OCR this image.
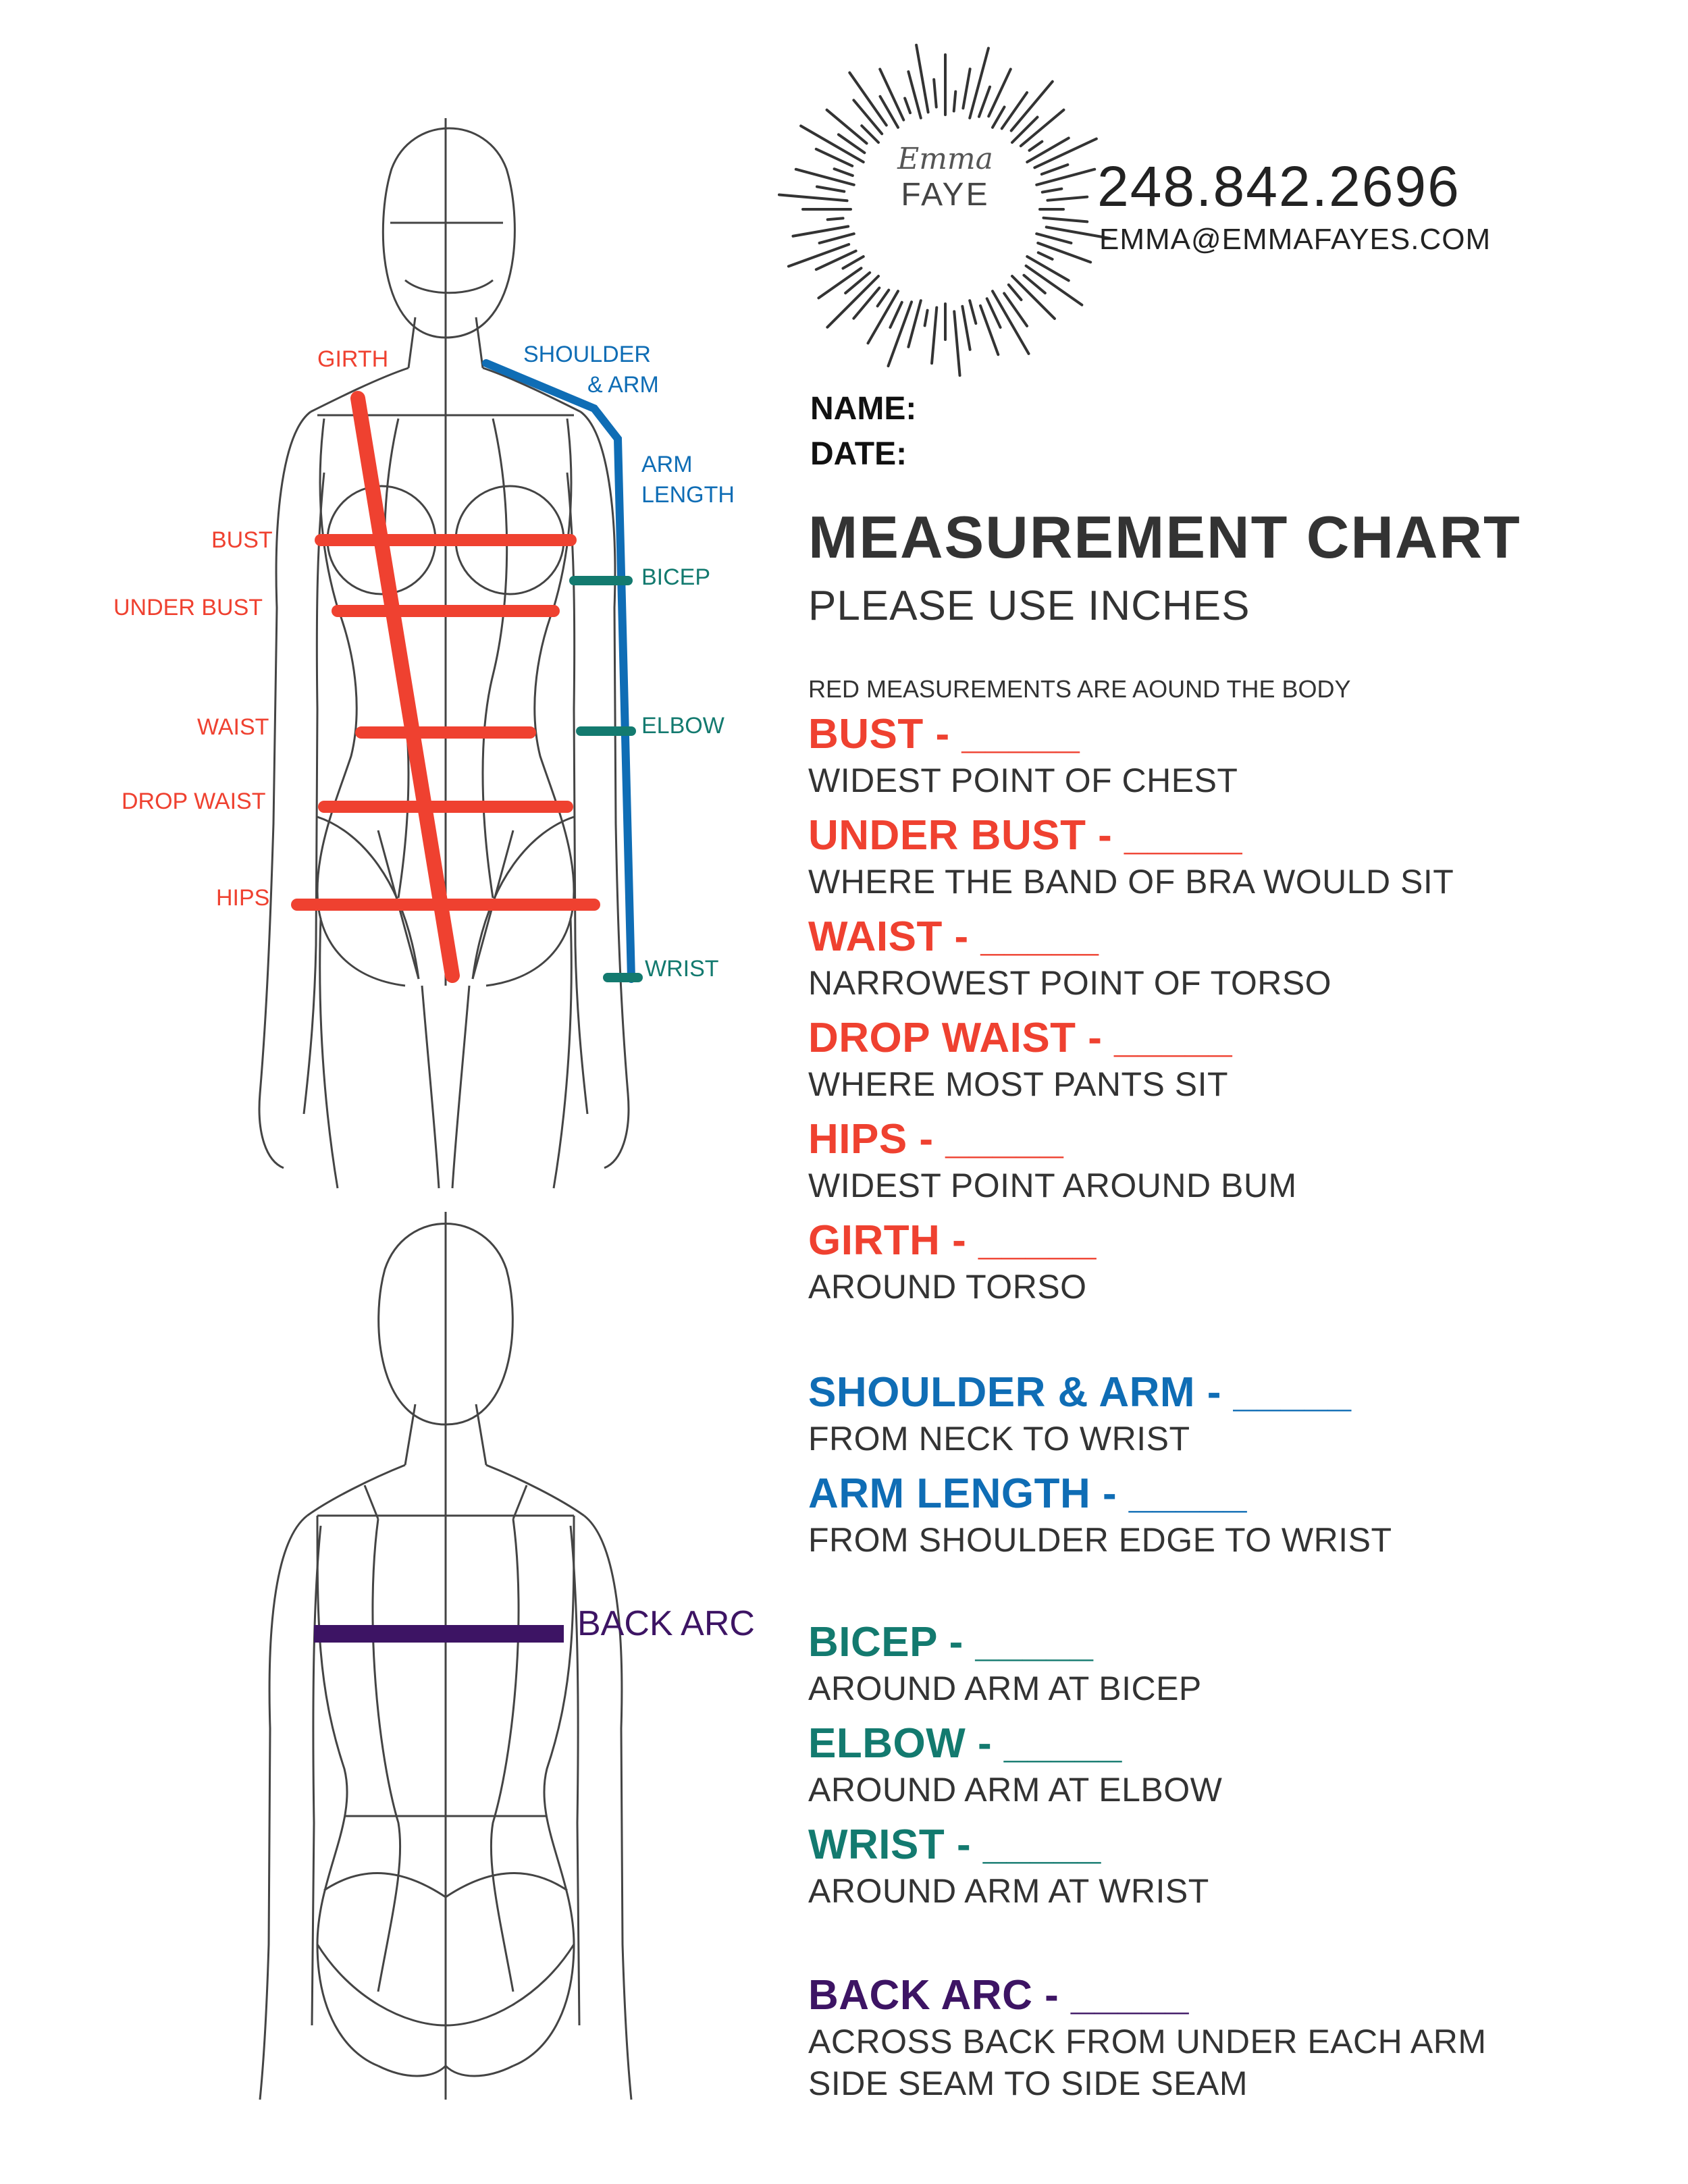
GIRTH	SHOULDER
& ARM
ARM
LENGTH
BUST
UNDER BUST
BICEP
WAIST	ELBOW
DROP WAIST
HIPS
WRIST
BACK ARC
Emma
FAYE	248.842.2696
EMMA@EMMAFAYES.COM
NAME:
DATE:
MEASUREMENT CHART
PLEASE USE INCHES
RED MEASUREMENTS ARE AOUND THE BODY
BUST - _____
WIDEST POINT OF CHEST
UNDER BUST - _____
WHERE THE BAND OF BRA WOULD SIT
WAIST - _____
NARROWEST POINT OF TORSO
DROP WAIST - _____
WHERE MOST PANTS SIT
HIPS - _____
WIDEST POINT AROUND BUM
GIRTH - _____
AROUND TORSO
SHOULDER & ARM - _____
FROM NECK TO WRIST
ARM LENGTH - _____
FROM SHOULDER EDGE TO WRIST
BICEP - _____
AROUND ARM AT BICEP
ELBOW - _____
AROUND ARM AT ELBOW
WRIST - _____
AROUND ARM AT WRIST
BACK ARC - _____
ACROSS BACK FROM UNDER EACH ARM
SIDE SEAM TO SIDE SEAM
